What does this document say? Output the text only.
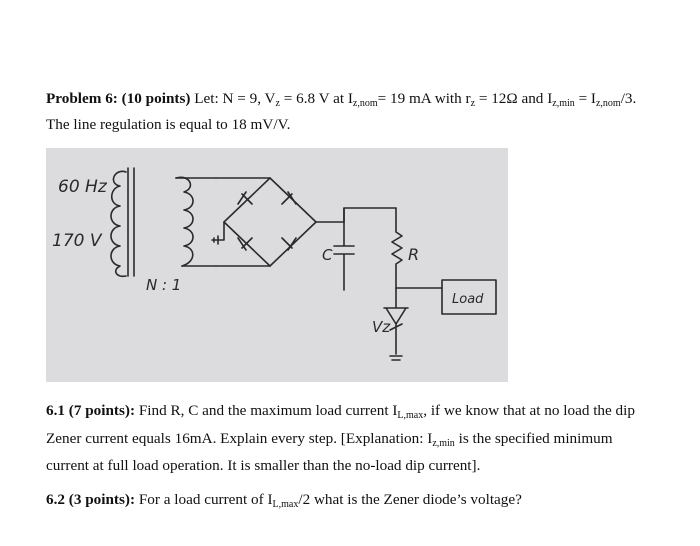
Problem 6: (10 points) Let: N = 9, $V_z = 6.8$ V at $I_{z,nom}= 19$ mA with $r_z = 12\Omega$ and $I_{z,min} = I_{z,nom}/3$.
The line regulation is equal to 18 mV/V.
60 Hz
170 V
N : 1
C	R
Vz
Load
6.1 (7 points): Find R, C and the maximum load current $I_{L,max}$, if we know that at no load the dip
Zener current equals 16mA. Explain every step. [Explanation: $I_{z,min}$ is the specified minimum
current at full load operation. It is smaller than the no-load dip current].
6.2 (3 points): For a load current of $I_{L,max}/2$ what is the Zener diode’s voltage?
